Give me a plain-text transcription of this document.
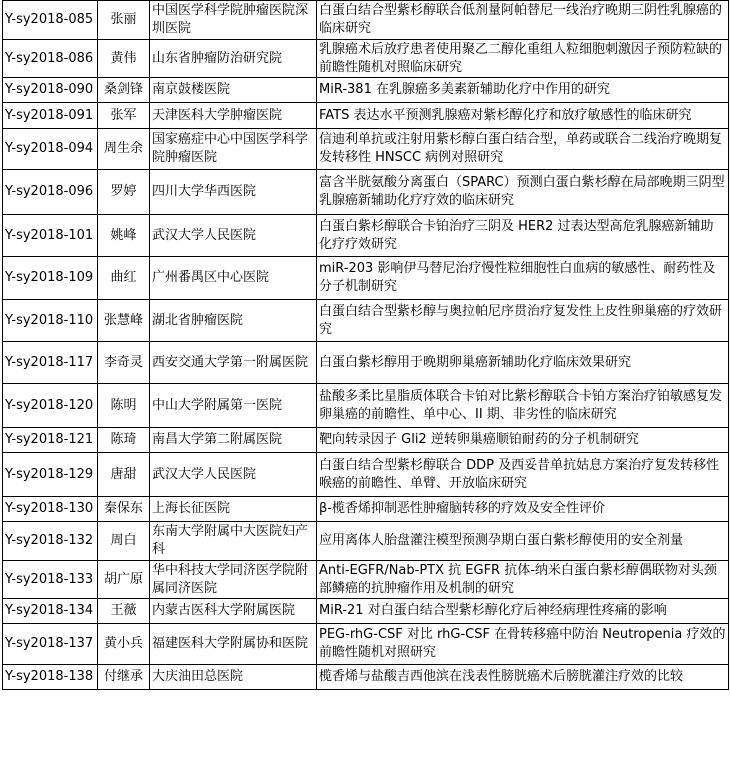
Y-sy2018-085	张丽	中国医学科学院肿瘤医院深圳医院	白蛋白结合型紫杉醇联合低剂量阿帕替尼一线治疗晚期三阴性乳腺癌的临床研究
Y-sy2018-086	黄伟	山东省肿瘤防治研究院	乳腺癌术后放疗患者使用聚乙二醇化重组人粒细胞刺激因子预防粒缺的前瞻性随机对照临床研究
Y-sy2018-090	桑剑锋	南京鼓楼医院	MiR-381 在乳腺癌多美素新辅助化疗中作用的研究
Y-sy2018-091	张军	天津医科大学肿瘤医院	FATS 表达水平预测乳腺癌对紫杉醇化疗和放疗敏感性的临床研究
Y-sy2018-094	周生余	国家癌症中心中国医学科学院肿瘤医院	信迪利单抗或注射用紫杉醇白蛋白结合型，单药或联合二线治疗晚期复发转移性 HNSCC 病例对照研究
Y-sy2018-096	罗婷	四川大学华西医院	富含半胱氨酸分离蛋白（SPARC）预测白蛋白紫杉醇在局部晚期三阴型乳腺癌新辅助化疗疗效的临床研究
Y-sy2018-101	姚峰	武汉大学人民医院	白蛋白紫杉醇联合卡铂治疗三阴及 HER2 过表达型高危乳腺癌新辅助化疗疗效研究
Y-sy2018-109	曲红	广州番禺区中心医院	miR-203 影响伊马替尼治疗慢性粒细胞性白血病的敏感性、耐药性及分子机制研究
Y-sy2018-110	张慧峰	湖北省肿瘤医院	白蛋白结合型紫杉醇与奥拉帕尼序贯治疗复发性上皮性卵巢癌的疗效研究
Y-sy2018-117	李奇灵	西安交通大学第一附属医院	白蛋白紫杉醇用于晚期卵巢癌新辅助化疗临床效果研究
Y-sy2018-120	陈明	中山大学附属第一医院	盐酸多柔比星脂质体联合卡铂对比紫杉醇联合卡铂方案治疗铂敏感复发卵巢癌的前瞻性、单中心、II 期、非劣性的临床研究
Y-sy2018-121	陈琦	南昌大学第二附属医院	靶向转录因子 Gli2 逆转卵巢癌顺铂耐药的分子机制研究
Y-sy2018-129	唐甜	武汉大学人民医院	白蛋白结合型紫杉醇联合 DDP 及西妥昔单抗姑息方案治疗复发转移性喉癌的前瞻性、单臂、开放临床研究
Y-sy2018-130	秦保东	上海长征医院	β-榄香烯抑制恶性肿瘤脑转移的疗效及安全性评价
Y-sy2018-132	周白	东南大学附属中大医院妇产科	应用离体人胎盘灌注模型预测孕期白蛋白紫杉醇使用的安全剂量
Y-sy2018-133	胡广原	华中科技大学同济医学院附属同济医院	Anti-EGFR/Nab-PTX 抗 EGFR 抗体-纳米白蛋白紫杉醇偶联物对头颈部鳞癌的抗肿瘤作用及机制的研究
Y-sy2018-134	王薇	内蒙古医科大学附属医院	MiR-21 对白蛋白结合型紫杉醇化疗后神经病理性疼痛的影响
Y-sy2018-137	黄小兵	福建医科大学附属协和医院	PEG-rhG-CSF 对比 rhG-CSF 在骨转移癌中防治 Neutropenia 疗效的前瞻性随机对照研究
Y-sy2018-138	付继承	大庆油田总医院	榄香烯与盐酸吉西他滨在浅表性膀胱癌术后膀胱灌注疗效的比较
